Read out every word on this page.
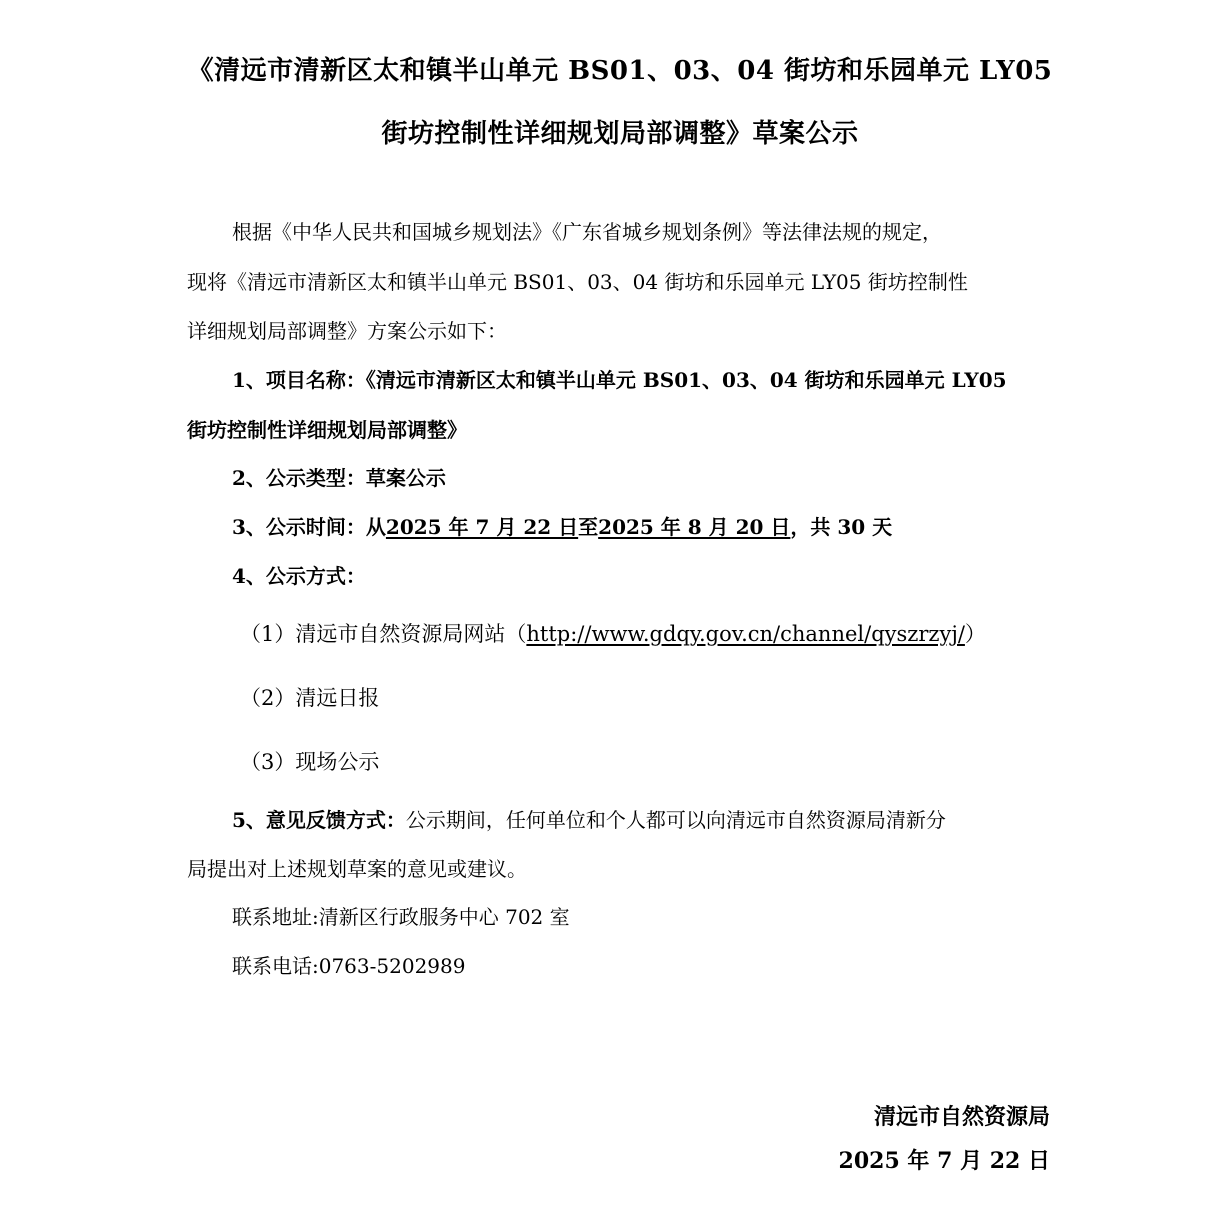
《清远市清新区太和镇半山单元 BS01、03、04 街坊和乐园单元 LY05
街坊控制性详细规划局部调整》草案公示
根据《中华人民共和国城乡规划法》《广东省城乡规划条例》等法律法规的规定，
现将《清远市清新区太和镇半山单元 BS01、03、04 街坊和乐园单元 LY05 街坊控制性
详细规划局部调整》方案公示如下：
1、项目名称：《清远市清新区太和镇半山单元 BS01、03、04 街坊和乐园单元 LY05
街坊控制性详细规划局部调整》
2、公示类型：草案公示
3、公示时间：从2025 年 7 月 22 日至2025 年 8 月 20 日，共 30 天
4、公示方式：
（1）清远市自然资源局网站（http://www.gdqy.gov.cn/channel/qyszrzyj/）
（2）清远日报
（3）现场公示
5、意见反馈方式：公示期间，任何单位和个人都可以向清远市自然资源局清新分
局提出对上述规划草案的意见或建议。
联系地址:清新区行政服务中心 702 室
联系电话:0763-5202989
清远市自然资源局
2025 年 7 月 22 日
